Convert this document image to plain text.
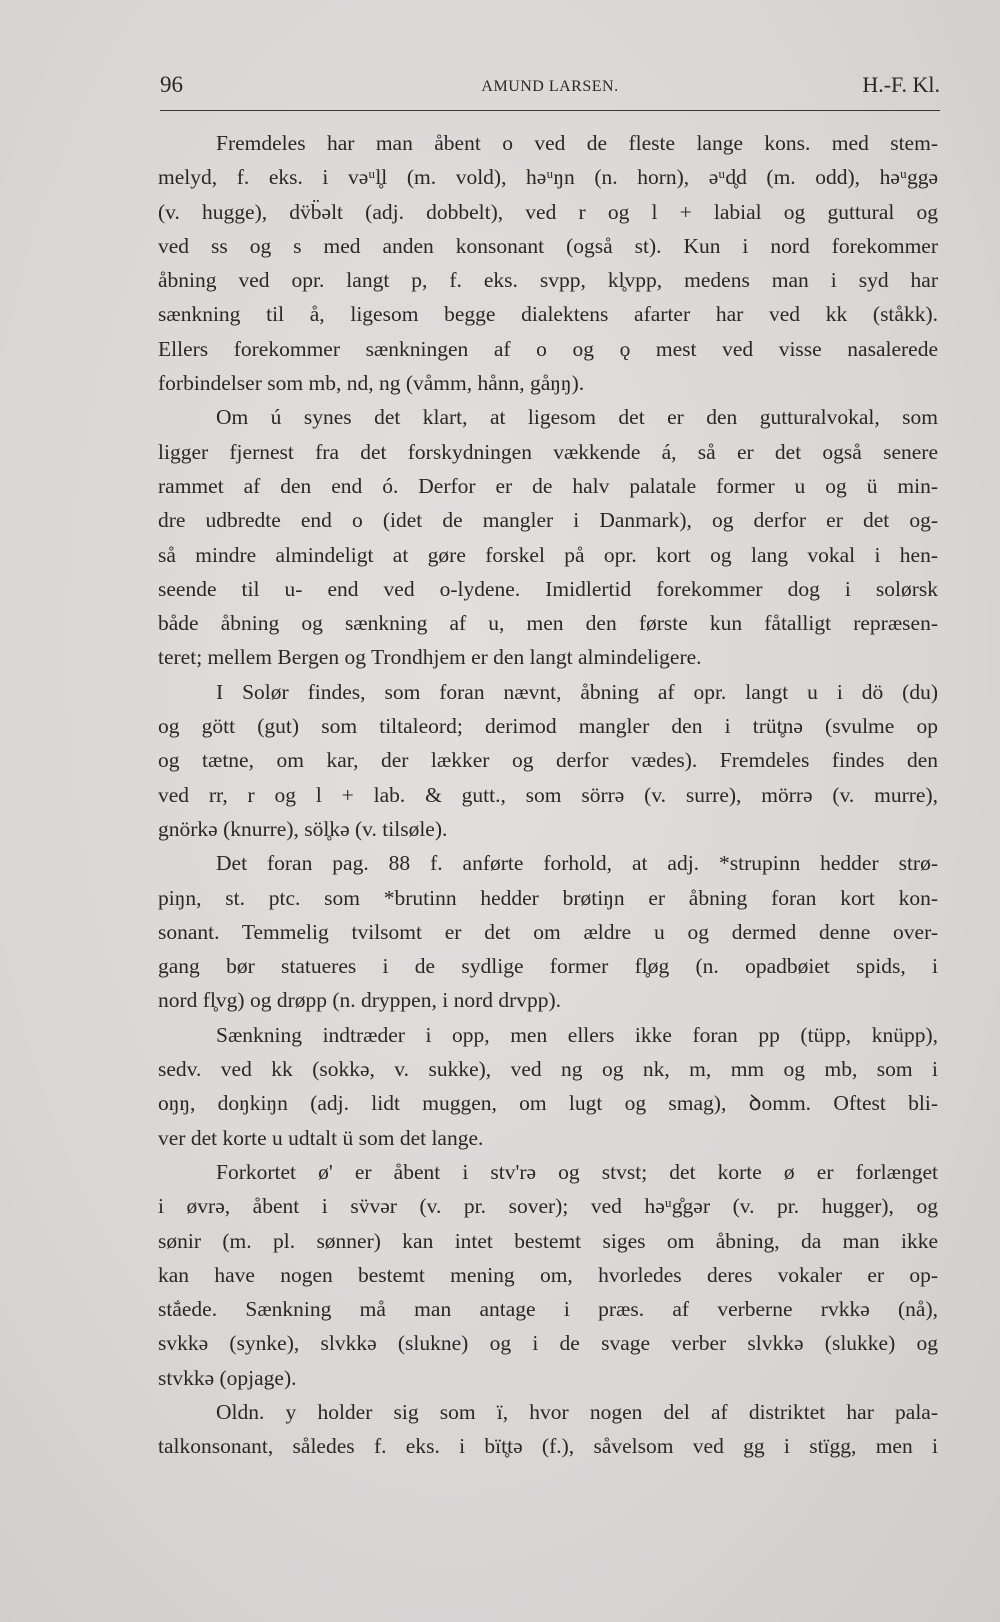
96	AMUND LARSEN.	H.-F. Kl.
Fremdeles har man åbent o ved de fleste lange kons. med stem-
melyd, f. eks. i vəᵘl̥l (m. vold), həᵘŋn (n. horn), əᵘd̥d (m. odd), həᵘggə
(v. hugge), dv̈b̈əlt (adj. dobbelt), ved r og l + labial og guttural og
ved ss og s med anden konsonant (også st). Kun i nord forekommer
åbning ved opr. langt p, f. eks. svpp, kl̥vpp, medens man i syd har
sænkning til å, ligesom begge dialektens afarter har ved kk (ståkk).
Ellers forekommer sænkningen af o og ǫ mest ved visse nasalerede
forbindelser som mb, nd, ng (våmm, hånn, gåŋŋ).
Om ú synes det klart, at ligesom det er den gutturalvokal, som
ligger fjernest fra det forskydningen vækkende á, så er det også senere
rammet af den end ó. Derfor er de halv palatale former u og ü min-
dre udbredte end o (idet de mangler i Danmark), og derfor er det og-
så mindre almindeligt at gøre forskel på opr. kort og lang vokal i hen-
seende til u- end ved o-lydene. Imidlertid forekommer dog i solørsk
både åbning og sænkning af u, men den første kun fåtalligt repræsen-
teret; mellem Bergen og Trondhjem er den langt almindeligere.
I Solør findes, som foran nævnt, åbning af opr. langt u i dö (du)
og gött (gut) som tiltaleord; derimod mangler den i trüt̥nə (svulme op
og tætne, om kar, der lækker og derfor vædes). Fremdeles findes den
ved rr, r og l + lab. & gutt., som sörrə (v. surre), mörrə (v. murre),
gnörkə (knurre), söl̥kə (v. tilsøle).
Det foran pag. 88 f. anførte forhold, at adj. *strupinn hedder strø-
piŋn, st. ptc. som *brutinn hedder brøtiŋn er åbning foran kort kon-
sonant. Temmelig tvilsomt er det om ældre u og dermed denne over-
gang bør statueres i de sydlige former fl̥øg (n. opadbøiet spids, i
nord fl̥vg) og drøpp (n. dryppen, i nord drvpp).
Sænkning indtræder i opp, men ellers ikke foran pp (tüpp, knüpp),
sedv. ved kk (sokkə, v. sukke), ved ng og nk, m, mm og mb, som i
oŋŋ, doŋkiŋn (adj. lidt muggen, om lugt og smag), ꝺomm. Oftest bli-
ver det korte u udtalt ü som det lange.
Forkortet ø' er åbent i stv'rə og stvst; det korte ø er forlænget
i øvrə, åbent i sv̈vər (v. pr. sover); ved həᵘg̊gər (v. pr. hugger), og
sønir (m. pl. sønner) kan intet bestemt siges om åbning, da man ikke
kan have nogen bestemt mening om, hvorledes deres vokaler er op-
stắede. Sænkning må man antage i præs. af verberne rvkkə (nå),
svkkə (synke), slvkkə (slukne) og i de svage verber slvkkə (slukke) og
stvkkə (opjage).
Oldn. y holder sig som ï, hvor nogen del af distriktet har pala-
talkonsonant, således f. eks. i bït̥tə (f.), såvelsom ved gg i stïgg, men i
